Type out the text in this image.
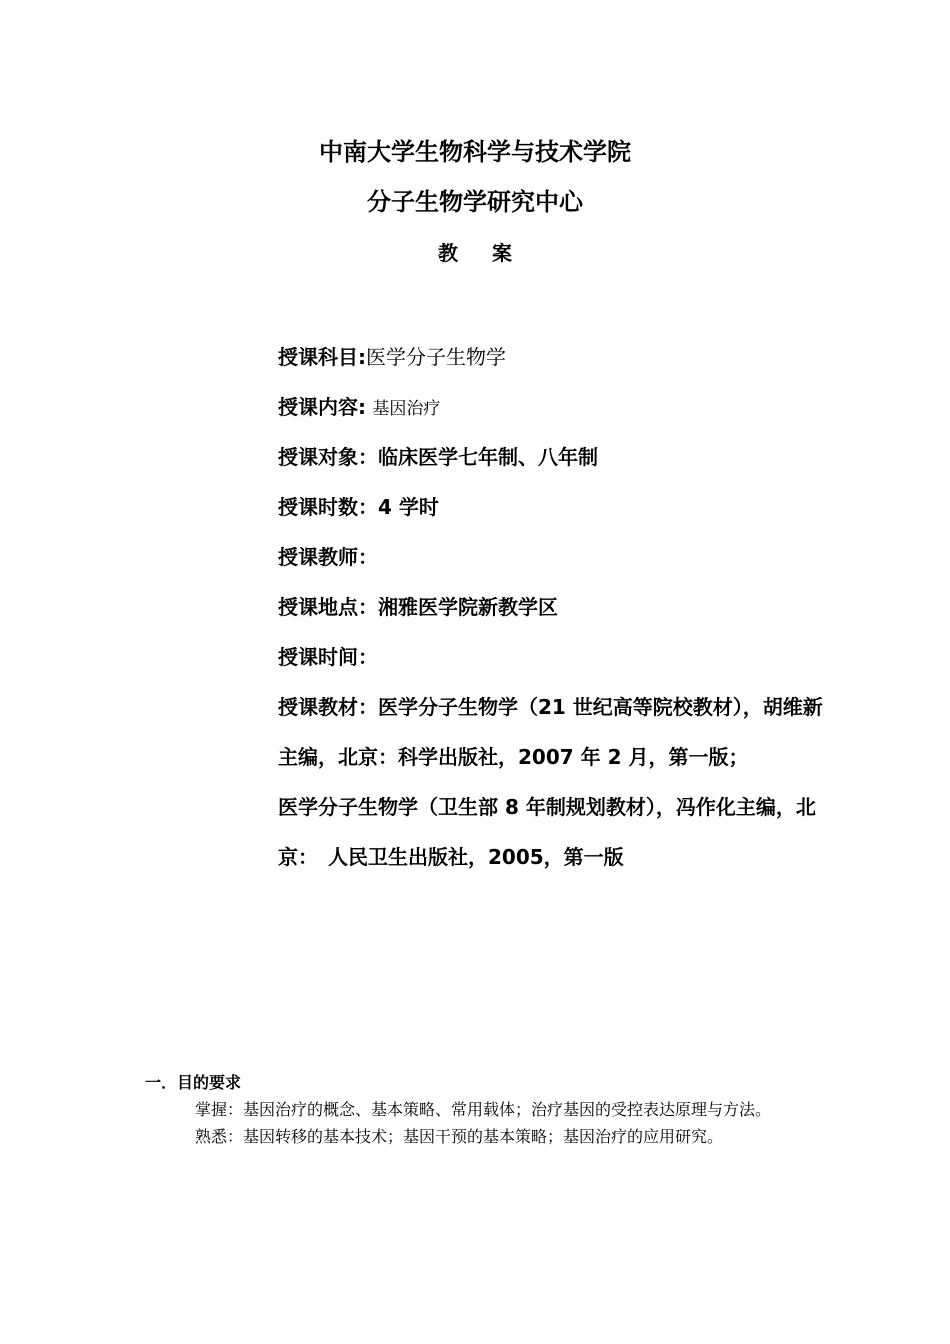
中南大学生物科学与技术学院
分子生物学研究中心
教案
授课科目:医学分子生物学
授课内容: 基因治疗
授课对象：临床医学七年制、八年制
授课时数：4 学时
授课教师：
授课地点：湘雅医学院新教学区
授课时间：
授课教材：医学分子生物学（21 世纪高等院校教材），胡维新主编，北京：科学出版社，2007 年 2 月，第一版；
医学分子生物学（卫生部 8 年制规划教材），冯作化主编，北京：　人民卫生出版社，2005，第一版
一．目的要求

掌握：基因治疗的概念、基本策略、常用载体；治疗基因的受控表达原理与方法。

熟悉：基因转移的基本技术；基因干预的基本策略；基因治疗的应用研究。
